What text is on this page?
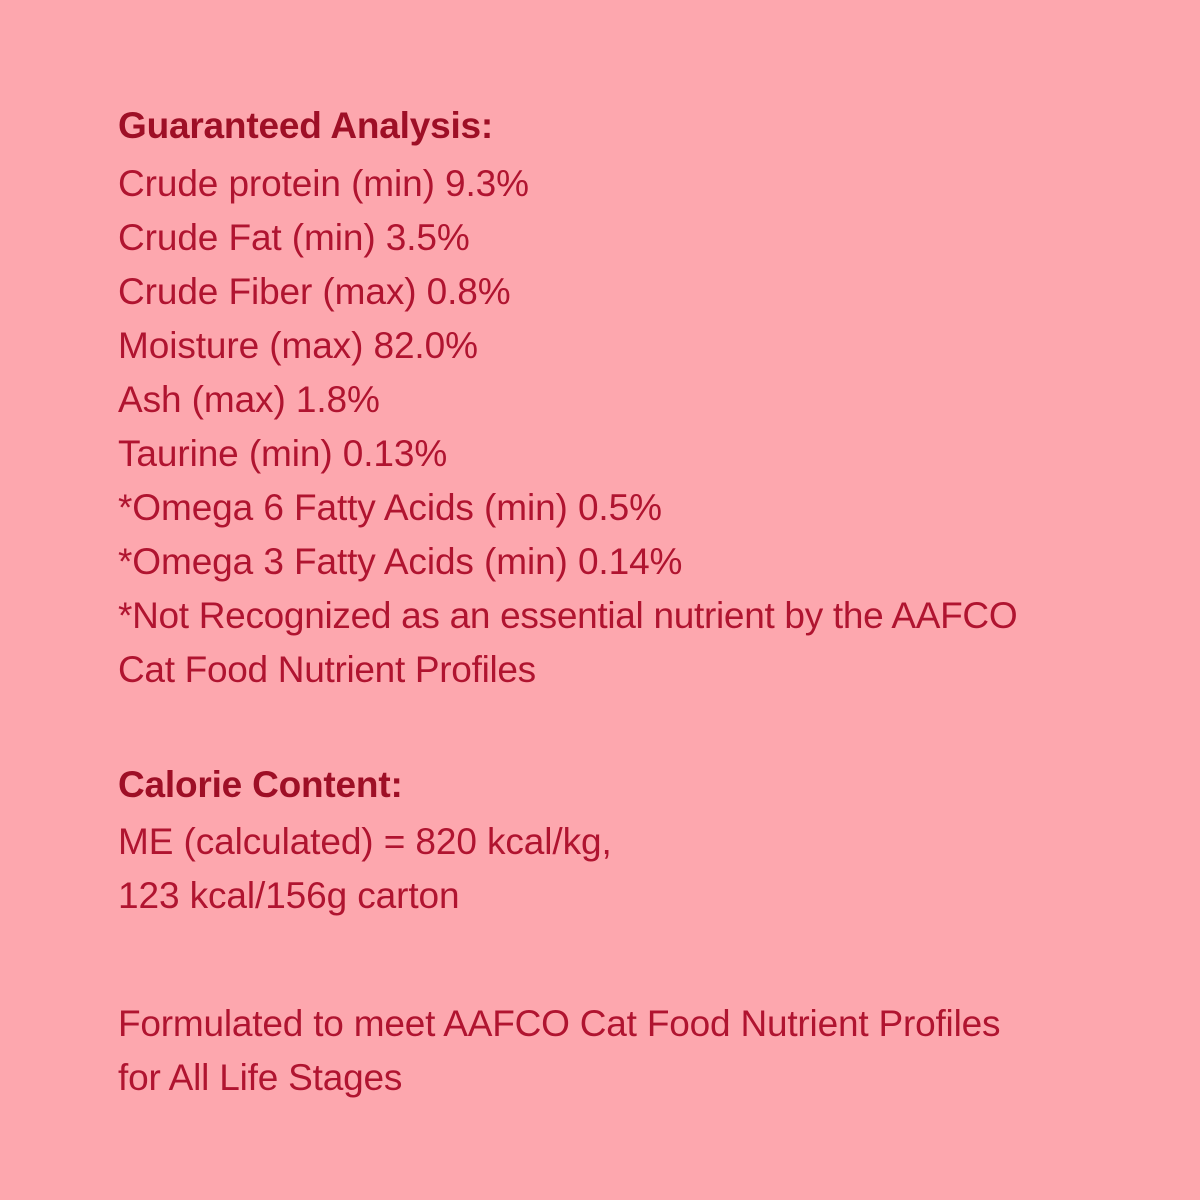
Guaranteed Analysis:
Crude protein (min) 9.3%
Crude Fat (min) 3.5%
Crude Fiber (max) 0.8%
Moisture (max) 82.0%
Ash (max) 1.8%
Taurine (min) 0.13%
*Omega 6 Fatty Acids (min) 0.5%
*Omega 3 Fatty Acids (min) 0.14%
*Not Recognized as an essential nutrient by the AAFCO Cat Food Nutrient Profiles
Calorie Content:
ME (calculated) = 820 kcal/kg,
123 kcal/156g carton
Formulated to meet AAFCO Cat Food Nutrient Profiles for All Life Stages
